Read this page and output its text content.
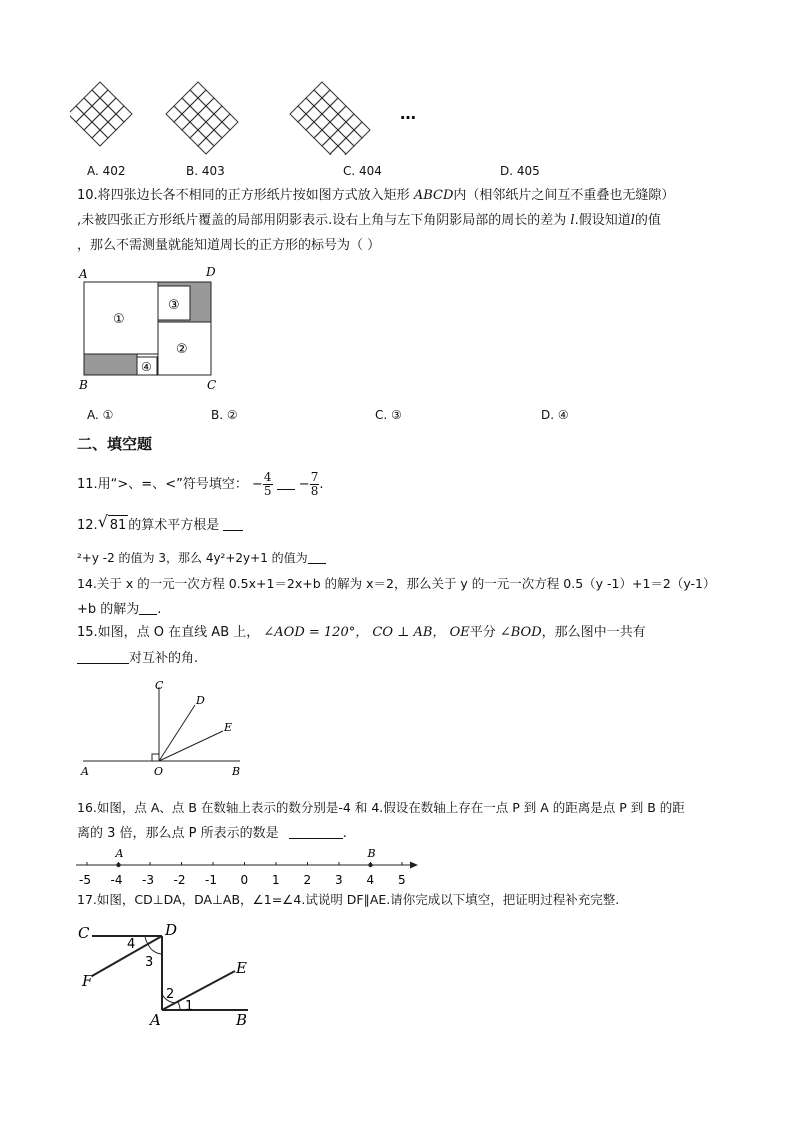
…
A. 402	B. 403	C. 404	D. 405
10.将四张边长各不相同的正方形纸片按如图方式放入矩形 ABCD内（相邻纸片之间互不重叠也无缝隙）
,未被四张正方形纸片覆盖的局部用阴影表示.设右上角与左下角阴影局部的周长的差为 l.假设知道l的值
，那么不需测量就能知道周长的正方形的标号为（ ）
A	D
B	C
①
②
③
④
A. ①	B. ②	C. ③	D. ④
二、填空题
11.用“>、=、<”符号填空： − $\frac{4}{5} - \frac{7}{8}$ .
12. √ 81 的算术平方根是
²+y -2 的值为 3，那么 4y²+2y+1 的值为
14.关于 x 的一元一次方程 0.5x+1＝2x+b 的解为 x＝2，那么关于 y 的一元一次方程 0.5（y -1）+1＝2（y-1）
+b 的解为 .
15.如图，点 O 在直线 AB 上， ∠AOD = 120°， CO ⊥ AB， OE平分 ∠BOD，那么图中一共有
对互补的角.
A	O	B
C
D
E
16.如图，点 A、点 B 在数轴上表示的数分别是-4 和 4.假设在数轴上存在一点 P 到 A 的距离是点 P 到 B 的距
离的 3 倍，那么点 P 所表示的数是	.
-5 -4 -3 -2 -1 0 1 2 3 4 5
A	B
17.如图，CD⊥DA，DA⊥AB，∠1=∠4.试说明 DF∥AE.请你完成以下填空，把证明过程补充完整.
C	D
F
E
A	B
1
2
3
4
